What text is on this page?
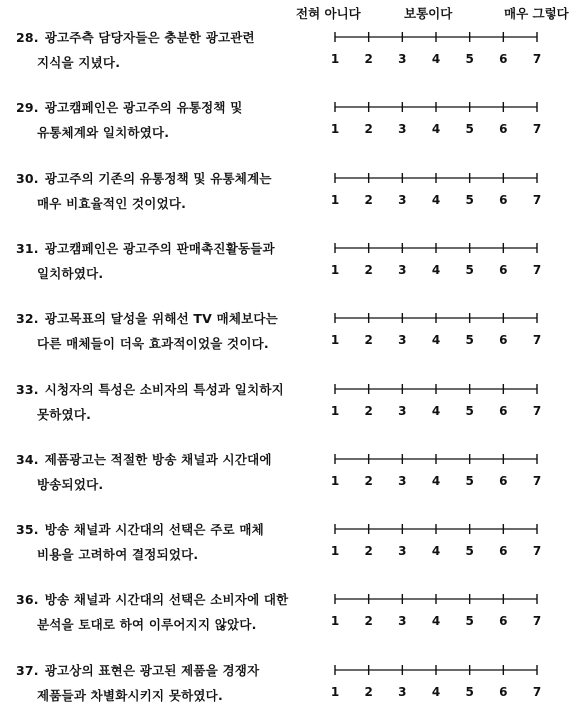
전혀 아니다	보통이다	매우 그렇다
28. 광고주측 담당자들은 충분한 광고관련
지식을 지녔다.	1	2	3	4	5	6	7
29. 광고캠페인은 광고주의 유통정책 및
유통체계와 일치하였다.	1	2	3	4	5	6	7
30. 광고주의 기존의 유통정책 및 유통체계는
매우 비효율적인 것이었다.	1	2	3	4	5	6	7
31. 광고캠페인은 광고주의 판매촉진활동들과
일치하였다.	1	2	3	4	5	6	7
32. 광고목표의 달성을 위해선 TV 매체보다는
다른 매체들이 더욱 효과적이었을 것이다.	1	2	3	4	5	6	7
33. 시청자의 특성은 소비자의 특성과 일치하지
못하였다.	1	2	3	4	5	6	7
34. 제품광고는 적절한 방송 채널과 시간대에
방송되었다.	1	2	3	4	5	6	7
35. 방송 채널과 시간대의 선택은 주로 매체
비용을 고려하여 결정되었다.	1	2	3	4	5	6	7
36. 방송 채널과 시간대의 선택은 소비자에 대한
분석을 토대로 하여 이루어지지 않았다.	1	2	3	4	5	6	7
37. 광고상의 표현은 광고된 제품을 경쟁자
제품들과 차별화시키지 못하였다.	1	2	3	4	5	6	7
